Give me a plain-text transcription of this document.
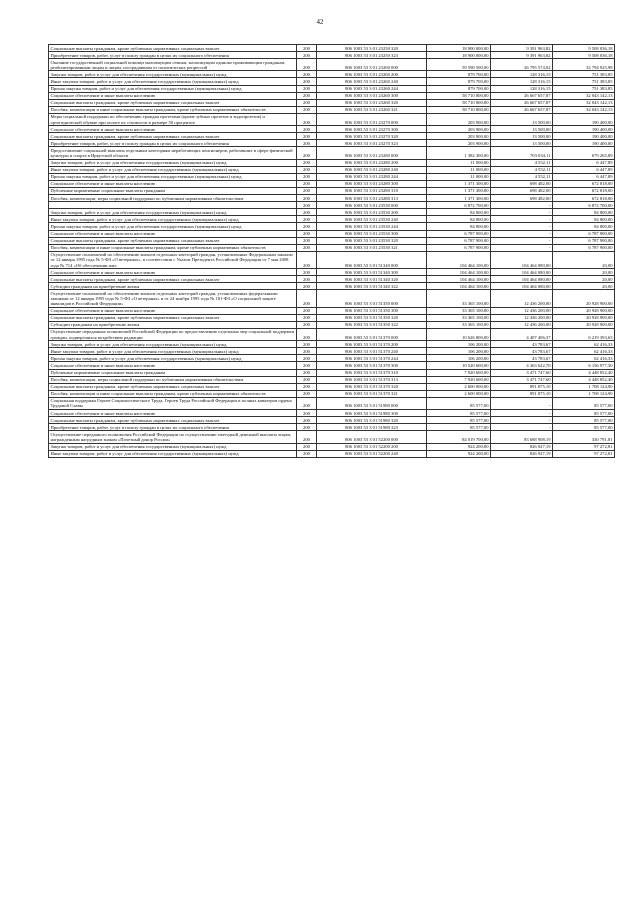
42
Социальные выплаты гражданам, кроме публичных нормативных социальных выплат	200	806 1003 53 3 01 23250 320	18 900 000,00	9 391 963,82	9 508 036,18
Приобретение товаров, работ, услуг в пользу граждан в целях их социального обеспечения	200	806 1003 53 3 01 23250 323	18 900 000,00	9 391 963,82	9 508 036,18
Оказание государственной социальной помощи малоимущим семьям, малоимущим одиноко проживающим гражданам, реабилитированным лицам и лицам, пострадавшим от политических репрессий	200	806 1003 53 3 01 23260 000	59 590 500,00	26 795 574,02	32 794 925,98
Закупка товаров, работ и услуг для обеспечения государственных (муниципальных) нужд	200	806 1003 53 3 01 23260 200	879 700,00	128 316,15	751 383,85
Иные закупки товаров, работ и услуг для обеспечения государственных (муниципальных) нужд	200	806 1003 53 3 01 23260 240	879 700,00	128 316,15	751 383,85
Прочая закупка товаров, работ и услуг для обеспечения государственных (муниципальных) нужд	200	806 1003 53 3 01 23260 244	879 700,00	128 316,15	751 383,85
Социальное обеспечение и иные выплаты населению	200	806 1003 53 3 01 23260 300	58 710 800,00	26 667 657,87	32 043 142,13
Социальные выплаты гражданам, кроме публичных нормативных социальных выплат	200	806 1003 53 3 01 23260 320	58 710 800,00	26 667 657,87	32 043 142,13
Пособия, компенсации и иные социальные выплаты гражданам, кроме публичных нормативных обязательств	200	806 1003 53 3 01 23260 321	58 710 800,00	26 667 657,87	32 043 142,13
Меры социальной поддержки по обеспечению граждан протезами (кроме зубных протезов и эндопротезов) и ортопедической обувью при оплате их стоимости в размере 50 процентов	200	806 1003 53 3 01 23270 000	203 900,00	13 500,00	190 400,00
Социальное обеспечение и иные выплаты населению	200	806 1003 53 3 01 23270 300	203 900,00	13 500,00	190 400,00
Социальные выплаты гражданам, кроме публичных нормативных социальных выплат	200	806 1003 53 3 01 23270 320	203 900,00	13 500,00	190 400,00
Приобретение товаров, работ, услуг в пользу граждан в целях их социального обеспечения	200	806 1003 53 3 01 23270 323	203 900,00	13 500,00	190 400,00
Предоставление социальной выплаты отдельным категориям неработающих пенсионеров, работавших в сфере физической культуры и спорта в Иркутской области	200	806 1003 53 3 01 23280 000	1 382 300,00	703 034,11	679 265,89
Закупка товаров, работ и услуг для обеспечения государственных (муниципальных) нужд	200	806 1003 53 3 01 23280 200	11 000,00	4 552,11	6 447,89
Иные закупки товаров, работ и услуг для обеспечения государственных (муниципальных) нужд	200	806 1003 53 3 01 23280 240	11 000,00	4 552,11	6 447,89
Прочая закупка товаров, работ и услуг для обеспечения государственных (муниципальных) нужд	200	806 1003 53 3 01 23280 244	11 000,00	4 552,11	6 447,89
Социальное обеспечение и иные выплаты населению	200	806 1003 53 3 01 23280 300	1 371 300,00	698 482,00	672 818,00
Публичные нормативные социальные выплаты гражданам	200	806 1003 53 3 01 23280 310	1 371 300,00	698 482,00	672 818,00
Пособия, компенсации, меры социальной поддержки по публичным нормативным обязательствам	200	806 1003 53 3 01 23280 313	1 371 300,00	698 482,00	672 818,00
	200	806 1003 53 3 01 23530 000	6 872 700,00	-	6 872 700,00
Закупка товаров, работ и услуг для обеспечения государственных (муниципальных) нужд	200	806 1003 53 3 01 23530 200	84 800,00	-	84 800,00
Иные закупки товаров, работ и услуг для обеспечения государственных (муниципальных) нужд	200	806 1003 53 3 01 23530 240	84 800,00	-	84 800,00
Прочая закупка товаров, работ и услуг для обеспечения государственных (муниципальных) нужд	200	806 1003 53 3 01 23530 244	84 800,00	-	84 800,00
Социальное обеспечение и иные выплаты населению	200	806 1003 53 3 01 23530 300	6 787 900,00	-	6 787 900,00
Социальные выплаты гражданам, кроме публичных нормативных социальных выплат	200	806 1003 53 3 01 23530 320	6 787 900,00	-	6 787 900,00
Пособия, компенсации и иные социальные выплаты гражданам, кроме публичных нормативных обязательств	200	806 1003 53 3 01 23530 321	6 787 900,00	-	6 787 900,00
Осуществление полномочий по обеспечению жильем отдельных категорий граждан, установленных Федеральным законом от 12 января 1995 года № 5-ФЗ «О ветеранах», в соответствии с Указом Президента Российской Федерации от 7 мая 2008 года № 714 «Об обеспечении жил	200	806 1003 53 3 01 51340 000	104 464 100,00	104 464 080,00	20,00
Социальное обеспечение и иные выплаты населению	200	806 1003 53 3 01 51340 300	104 464 100,00	104 464 080,00	20,00
Социальные выплаты гражданам, кроме публичных нормативных социальных выплат	200	806 1003 53 3 01 51340 320	104 464 100,00	104 464 080,00	20,00
Субсидии гражданам на приобретение жилья	200	806 1003 53 3 01 51340 322	104 464 100,00	104 464 080,00	20,00
Осуществление полномочий по обеспечению жильем отдельных категорий граждан, установленных федеральными законами от 12 января 1995 года № 5-ФЗ «О ветеранах» и от 24 ноября 1995 года № 181-ФЗ «О социальной защите инвалидов в Российской Федерации»	200	806 1003 53 3 01 51350 000	33 365 100,00	12 436 200,00	20 928 900,00
Социальное обеспечение и иные выплаты населению	200	806 1003 53 3 01 51350 300	33 365 100,00	12 436 200,00	20 928 900,00
Социальные выплаты гражданам, кроме публичных нормативных социальных выплат	200	806 1003 53 3 01 51350 320	33 365 100,00	12 436 200,00	20 928 900,00
Субсидии гражданам на приобретение жилья	200	806 1003 53 3 01 51350 322	33 365 100,00	12 436 200,00	20 928 900,00
Осуществление переданных полномочий Российской Федерации по предоставлению отдельных мер социальной поддержки граждан, подвергшихся воздействию радиации	200	806 1003 53 3 01 51370 000	10 626 800,00	4 407 406,37	6 219 393,63
Закупка товаров, работ и услуг для обеспечения государственных (муниципальных) нужд	200	806 1003 53 3 01 51370 200	106 200,00	43 783,67	62 416,33
Иные закупки товаров, работ и услуг для обеспечения государственных (муниципальных) нужд	200	806 1003 53 3 01 51370 240	106 200,00	43 783,67	62 416,33
Прочая закупка товаров, работ и услуг для обеспечения государственных (муниципальных) нужд	200	806 1003 53 3 01 51370 244	106 200,00	43 783,67	62 416,33
Социальное обеспечение и иные выплаты населению	200	806 1003 53 3 01 51370 300	10 520 600,00	4 363 622,70	6 156 977,30
Публичные нормативные социальные выплаты гражданам	200	806 1003 53 3 01 51370 310	7 920 600,00	3 471 747,60	4 448 852,40
Пособия, компенсации, меры социальной поддержки по публичным нормативным обязательствам	200	806 1003 53 3 01 51370 313	7 920 600,00	3 471 747,60	4 448 852,40
Социальные выплаты гражданам, кроме публичных нормативных социальных выплат	200	806 1003 53 3 01 51370 320	2 600 000,00	891 875,10	1 708 124,90
Пособия, компенсации и иные социальные выплаты гражданам, кроме публичных нормативных обязательств	200	806 1003 53 3 01 51370 321	2 600 000,00	891 875,10	1 708 124,90
Социальная поддержка Героев Социалистического Труда, Героев Труда Российской Федерации и полных кавалеров ордена Трудовой Славы	200	806 1003 53 3 01 51980 000	85 577,00	-	85 577,00
Социальное обеспечение и иные выплаты населению	200	806 1003 53 3 01 51980 300	85 577,00	-	85 577,00
Социальные выплаты гражданам, кроме публичных нормативных социальных выплат	200	806 1003 53 3 01 51980 320	85 577,00	-	85 577,00
Приобретение товаров, работ, услуг в пользу граждан в целях их социального обеспечения	200	806 1003 53 3 01 51980 323	85 577,00	-	85 577,00
Осуществление переданного полномочия Российской Федерации по осуществлению ежегодной денежной выплаты лицам, награжденным нагрудным знаком «Почетный донор России»	200	806 1003 53 3 01 52200 000	84 019 700,00	83 688 908,19	330 791,81
Закупка товаров, работ и услуг для обеспечения государственных (муниципальных) нужд	200	806 1003 53 3 01 52200 200	924 200,00	826 927,19	97 272,81
Иные закупки товаров, работ и услуг для обеспечения государственных (муниципальных) нужд	200	806 1003 53 3 01 52200 240	924 200,00	826 927,19	97 272,81
